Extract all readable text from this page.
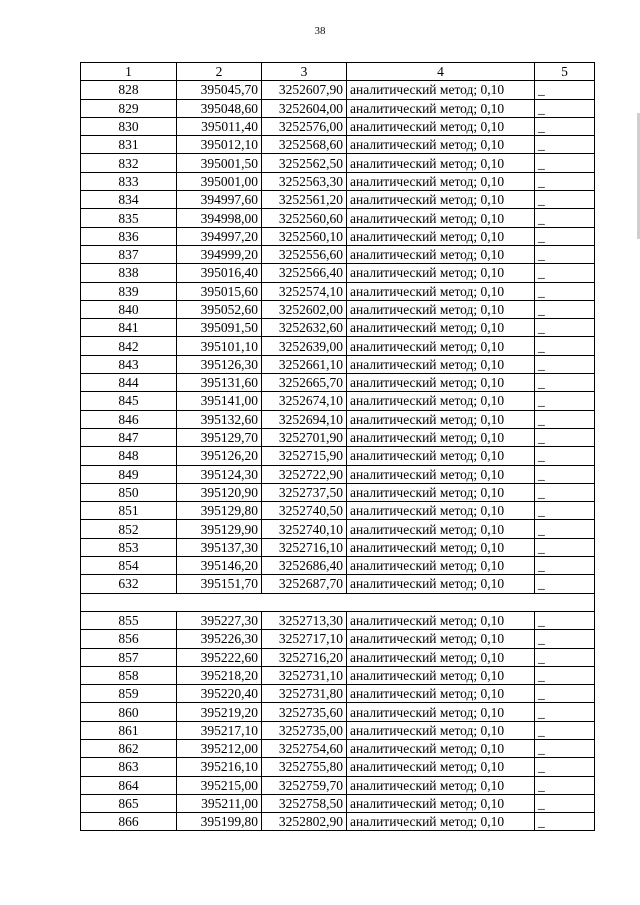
38
1	2	3	4	5
828	395045,70	3252607,90	аналитический метод; 0,10	_
829	395048,60	3252604,00	аналитический метод; 0,10	_
830	395011,40	3252576,00	аналитический метод; 0,10	_
831	395012,10	3252568,60	аналитический метод; 0,10	_
832	395001,50	3252562,50	аналитический метод; 0,10	_
833	395001,00	3252563,30	аналитический метод; 0,10	_
834	394997,60	3252561,20	аналитический метод; 0,10	_
835	394998,00	3252560,60	аналитический метод; 0,10	_
836	394997,20	3252560,10	аналитический метод; 0,10	_
837	394999,20	3252556,60	аналитический метод; 0,10	_
838	395016,40	3252566,40	аналитический метод; 0,10	_
839	395015,60	3252574,10	аналитический метод; 0,10	_
840	395052,60	3252602,00	аналитический метод; 0,10	_
841	395091,50	3252632,60	аналитический метод; 0,10	_
842	395101,10	3252639,00	аналитический метод; 0,10	_
843	395126,30	3252661,10	аналитический метод; 0,10	_
844	395131,60	3252665,70	аналитический метод; 0,10	_
845	395141,00	3252674,10	аналитический метод; 0,10	_
846	395132,60	3252694,10	аналитический метод; 0,10	_
847	395129,70	3252701,90	аналитический метод; 0,10	_
848	395126,20	3252715,90	аналитический метод; 0,10	_
849	395124,30	3252722,90	аналитический метод; 0,10	_
850	395120,90	3252737,50	аналитический метод; 0,10	_
851	395129,80	3252740,50	аналитический метод; 0,10	_
852	395129,90	3252740,10	аналитический метод; 0,10	_
853	395137,30	3252716,10	аналитический метод; 0,10	_
854	395146,20	3252686,40	аналитический метод; 0,10	_
632	395151,70	3252687,70	аналитический метод; 0,10	_

855	395227,30	3252713,30	аналитический метод; 0,10	_
856	395226,30	3252717,10	аналитический метод; 0,10	_
857	395222,60	3252716,20	аналитический метод; 0,10	_
858	395218,20	3252731,10	аналитический метод; 0,10	_
859	395220,40	3252731,80	аналитический метод; 0,10	_
860	395219,20	3252735,60	аналитический метод; 0,10	_
861	395217,10	3252735,00	аналитический метод; 0,10	_
862	395212,00	3252754,60	аналитический метод; 0,10	_
863	395216,10	3252755,80	аналитический метод; 0,10	_
864	395215,00	3252759,70	аналитический метод; 0,10	_
865	395211,00	3252758,50	аналитический метод; 0,10	_
866	395199,80	3252802,90	аналитический метод; 0,10	_
